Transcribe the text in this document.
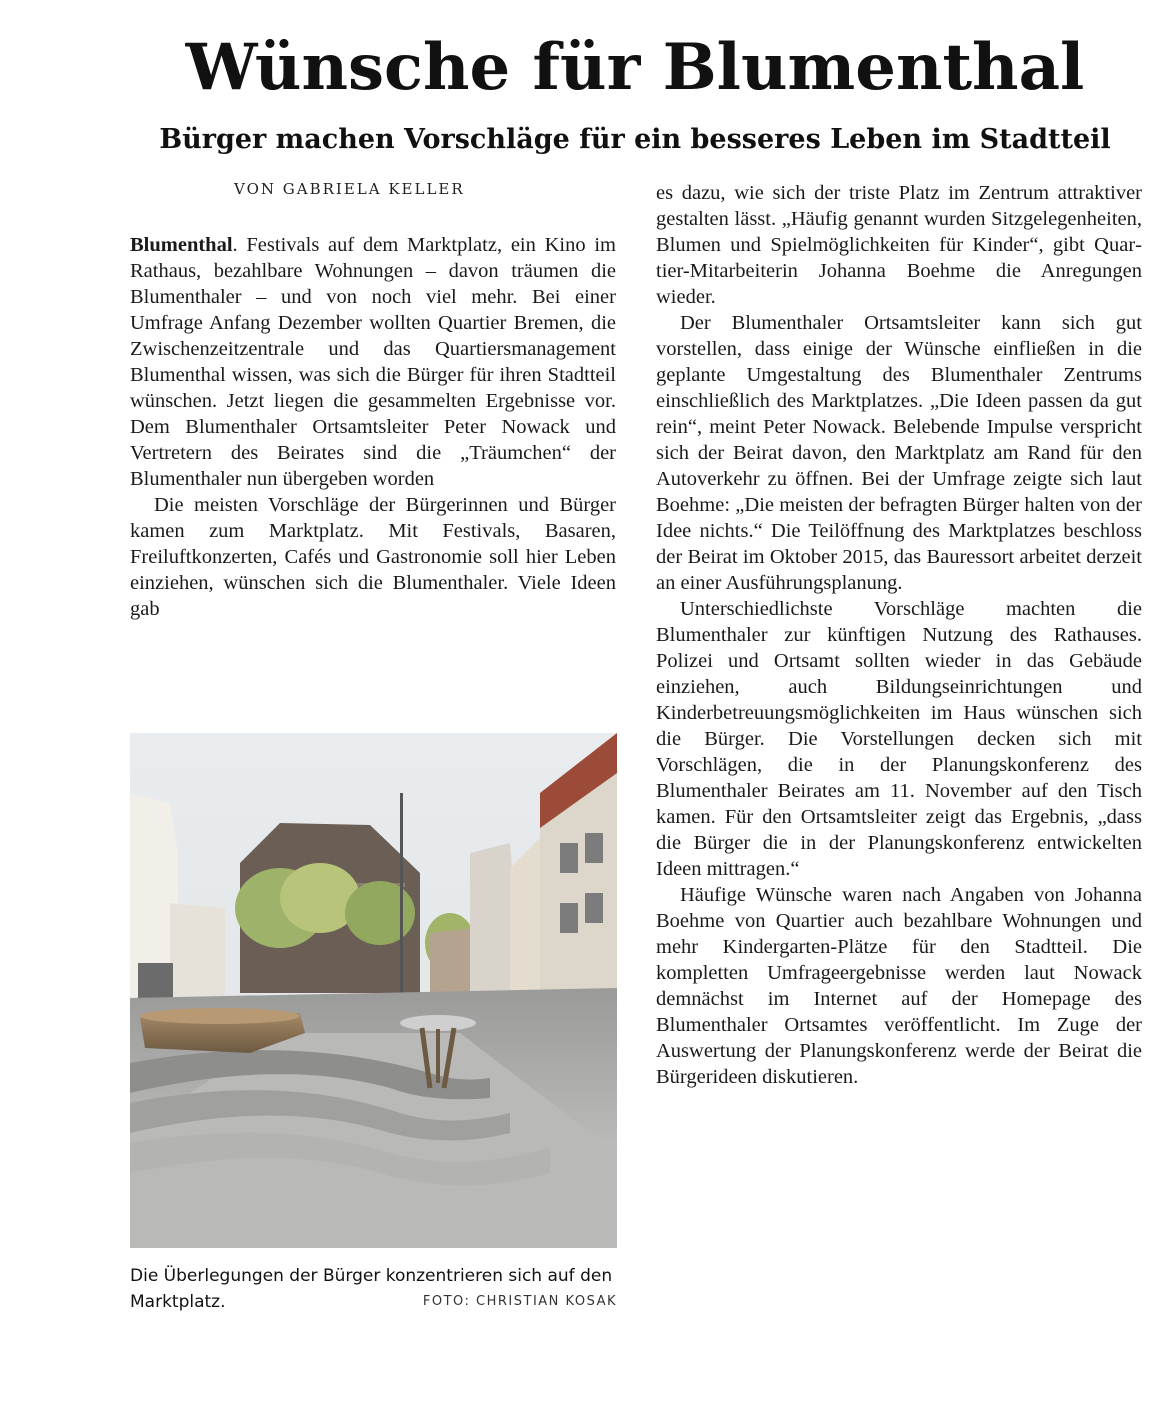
Wünsche für Blumenthal
Bürger machen Vorschläge für ein besseres Leben im Stadtteil
VON GABRIELA KELLER

Blumenthal. Festivals auf dem Marktplatz, ein Kino im Rathaus, bezahlbare Wohnungen – davon träumen die Blumenthaler – und von noch viel mehr. Bei einer Umfrage Anfang Dezember wollten Quartier Bremen, die Zwischenzeitzentrale und das Quartiersmanagement Blumenthal wissen, was sich die Bürger für ihren Stadtteil wünschen. Jetzt liegen die gesammelten Ergebnisse vor. Dem Blumenthaler Ortsamtsleiter Peter Nowack und Vertretern des Beirates sind die „Träumchen“ der Blumenthaler nun übergeben worden

Die meisten Vorschläge der Bürgerinnen und Bürger kamen zum Marktplatz. Mit Festivals, Basaren, Freiluftkonzerten, Cafés und Gastronomie soll hier Leben einziehen, wünschen sich die Blumenthaler. Viele Ideen gab

Die Überlegungen der Bürger konzentrieren sich auf den Marktplatz.	FOTO: CHRISTIAN KOSAK

es dazu, wie sich der triste Platz im Zentrum attraktiver gestalten lässt. „Häufig genannt wurden Sitzgelegenheiten, Blumen und Spielmöglichkeiten für Kinder“, gibt Quartier-Mitarbeiterin Johanna Boehme die Anregungen wieder.

Der Blumenthaler Ortsamtsleiter kann sich gut vorstellen, dass einige der Wünsche einfließen in die geplante Umgestaltung des Blumenthaler Zentrums einschließlich des Marktplatzes. „Die Ideen passen da gut rein“, meint Peter Nowack. Belebende Impulse verspricht sich der Beirat davon, den Marktplatz am Rand für den Autoverkehr zu öffnen. Bei der Umfrage zeigte sich laut Boehme: „Die meisten der befragten Bürger halten von der Idee nichts.“ Die Teilöffnung des Marktplatzes beschloss der Beirat im Oktober 2015, das Bauressort arbeitet derzeit an einer Ausführungsplanung.

Unterschiedlichste Vorschläge machten die Blumenthaler zur künftigen Nutzung des Rathauses. Polizei und Ortsamt sollten wieder in das Gebäude einziehen, auch Bildungseinrichtungen und Kinderbetreuungsmöglichkeiten im Haus wünschen sich die Bürger. Die Vorstellungen decken sich mit Vorschlägen, die in der Planungskonferenz des Blumenthaler Beirates am 11. November auf den Tisch kamen. Für den Ortsamtsleiter zeigt das Ergebnis, „dass die Bürger die in der Planungskonferenz entwickelten Ideen mittragen.“

Häufige Wünsche waren nach Angaben von Johanna Boehme von Quartier auch bezahlbare Wohnungen und mehr Kindergarten-Plätze für den Stadtteil. Die kompletten Umfrageergebnisse werden laut Nowack demnächst im Internet auf der Homepage des Blumenthaler Ortsamtes veröffentlicht. Im Zuge der Auswertung der Planungskonferenz werde der Beirat die Bürgerideen diskutieren.
